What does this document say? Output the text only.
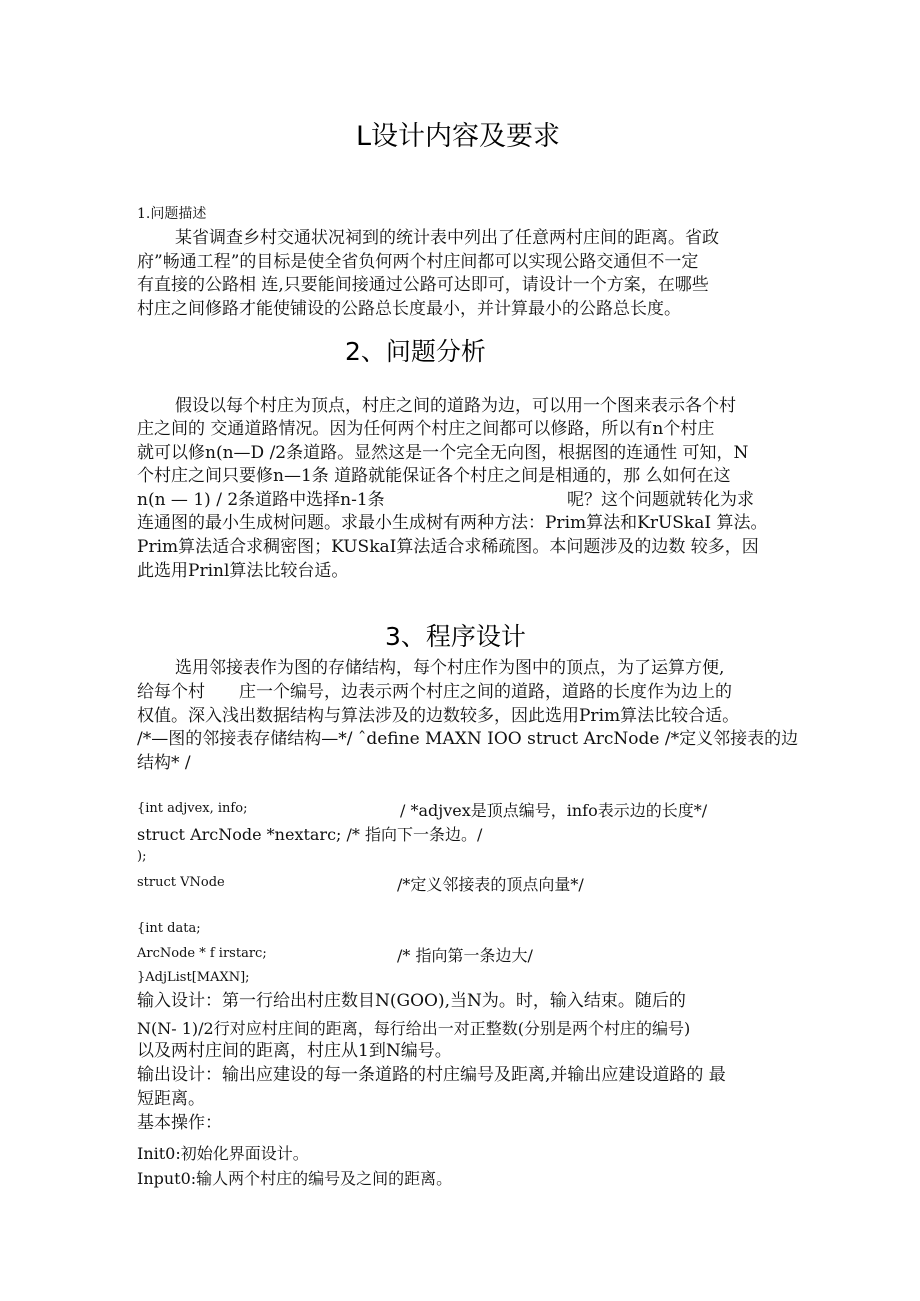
L设计内容及要求
1.问题描述
某省调查乡村交通状况祠到的统计表中列出了任意两村庄间的距离。省政
府”畅通工程”的目标是使全省负何两个村庄间都可以实现公路交通但不一定
有直接的公路相 连,只要能间接通过公路可达即可，请设计一个方案，在哪些
村庄之间修路才能使铺设的公路总长度最小，并计算最小的公路总长度。
2、问题分析
假设以每个村庄为顶点，村庄之间的道路为边，可以用一个图来表示各个村
庄之间的 交通道路情况。因为任何两个村庄之间都可以修路，所以有n个村庄
就可以修n(n—D /2条道路。显然这是一个完全无向图，根据图的连通性 可知，N
个村庄之间只要修n—1条 道路就能保证各个村庄之间是相通的，那 么如何在这
n(n — 1) / 2条道路中选择n-1条	呢？这个问题就转化为求
连通图的最小生成树问题。求最小生成树有两种方法：Prim算法和KrUSkaI 算法。
Prim算法适合求稠密图；KUSkaI算法适合求稀疏图。本问题涉及的边数 较多，因
此选用Prinl算法比较台适。
3、程序设计
选用邻接表作为图的存储结构，每个村庄作为图中的顶点，为了运算方便,
给每个村　　庄一个编号，边表示两个村庄之间的道路，道路的长度作为边上的
权值。深入浅出数据结构与算法涉及的边数较多，因此选用Prim算法比较合适。
/*—图的邻接表存储结构—*/ ˆdefine MAXN IOO struct ArcNode /*定义邻接表的边
结构* /
{int adjvex, info;	/ *adjvex是顶点编号，info表示边的长度*/
struct ArcNode *nextarc; /* 指向下一条边。/
);
struct VNode	/*定义邻接表的顶点向量*/
{int data;
ArcNode * f irstarc;	/* 指向第一条边大/
}AdjList[MAXN];
输入设计：第一行给出村庄数目N(GOO),当N为。时，输入结束。随后的
N(N- 1)/2行对应村庄间的距离，每行给出一对正整数(分别是两个村庄的编号)
以及两村庄间的距离，村庄从1到N编号。
输出设计：输出应建设的每一条道路的村庄编号及距离,并输出应建设道路的 最
短距离。
基本操作：
Init0:初始化界面设计。
Input0:输人两个村庄的编号及之间的距离。
